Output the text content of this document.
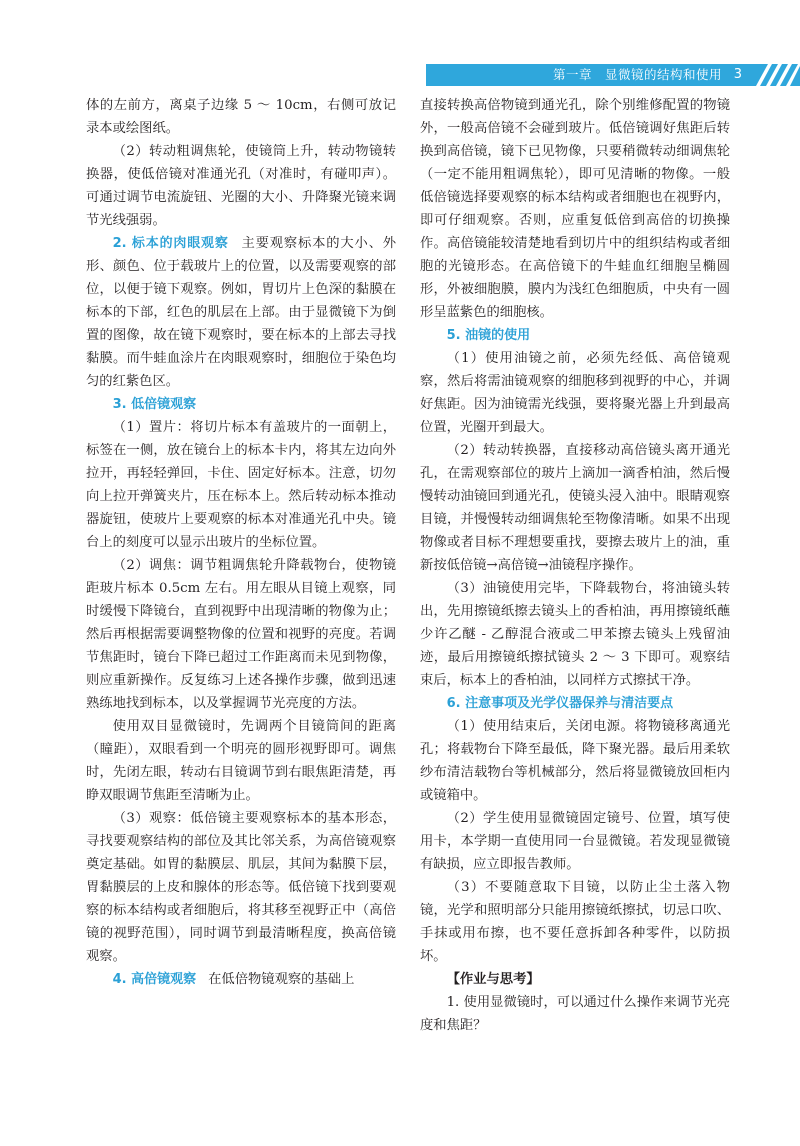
第一章　显微镜的结构和使用 3

体的左前方，离桌子边缘 5 ～ 10cm，右侧可放记录本或绘图纸。

（2）转动粗调焦轮，使镜筒上升，转动物镜转换器，使低倍镜对准通光孔（对准时，有碰叩声）。可通过调节电流旋钮、光圈的大小、升降聚光镜来调节光线强弱。

2. 标本的肉眼观察 主要观察标本的大小、外形、颜色、位于载玻片上的位置，以及需要观察的部位，以便于镜下观察。例如，胃切片上色深的黏膜在标本的下部，红色的肌层在上部。由于显微镜下为倒置的图像，故在镜下观察时，要在标本的上部去寻找黏膜。而牛蛙血涂片在肉眼观察时，细胞位于染色均匀的红紫色区。

3. 低倍镜观察

（1）置片：将切片标本有盖玻片的一面朝上，标签在一侧，放在镜台上的标本卡内，将其左边向外拉开，再轻轻弹回，卡住、固定好标本。注意，切勿向上拉开弹簧夹片，压在标本上。然后转动标本推动器旋钮，使玻片上要观察的标本对准通光孔中央。镜台上的刻度可以显示出玻片的坐标位置。

（2）调焦：调节粗调焦轮升降载物台，使物镜距玻片标本 0.5cm 左右。用左眼从目镜上观察，同时缓慢下降镜台，直到视野中出现清晰的物像为止；然后再根据需要调整物像的位置和视野的亮度。若调节焦距时，镜台下降已超过工作距离而未见到物像，则应重新操作。反复练习上述各操作步骤，做到迅速熟练地找到标本，以及掌握调节光亮度的方法。

使用双目显微镜时，先调两个目镜筒间的距离（瞳距），双眼看到一个明亮的圆形视野即可。调焦时，先闭左眼，转动右目镜调节到右眼焦距清楚，再睁双眼调节焦距至清晰为止。

（3）观察：低倍镜主要观察标本的基本形态，寻找要观察结构的部位及其比邻关系，为高倍镜观察奠定基础。如胃的黏膜层、肌层，其间为黏膜下层，胃黏膜层的上皮和腺体的形态等。低倍镜下找到要观察的标本结构或者细胞后，将其移至视野正中（高倍镜的视野范围），同时调节到最清晰程度，换高倍镜观察。

4. 高倍镜观察 在低倍物镜观察的基础上

直接转换高倍物镜到通光孔，除个别维修配置的物镜外，一般高倍镜不会碰到玻片。低倍镜调好焦距后转换到高倍镜，镜下已见物像，只要稍微转动细调焦轮（一定不能用粗调焦轮），即可见清晰的物像。一般低倍镜选择要观察的标本结构或者细胞也在视野内，即可仔细观察。否则，应重复低倍到高倍的切换操作。高倍镜能较清楚地看到切片中的组织结构或者细胞的光镜形态。在高倍镜下的牛蛙血红细胞呈椭圆形，外被细胞膜，膜内为浅红色细胞质，中央有一圆形呈蓝紫色的细胞核。

5. 油镜的使用

（1）使用油镜之前，必须先经低、高倍镜观察，然后将需油镜观察的细胞移到视野的中心，并调好焦距。因为油镜需光线强，要将聚光器上升到最高位置，光圈开到最大。

（2）转动转换器，直接移动高倍镜头离开通光孔，在需观察部位的玻片上滴加一滴香柏油，然后慢慢转动油镜回到通光孔，使镜头浸入油中。眼睛观察目镜，并慢慢转动细调焦轮至物像清晰。如果不出现物像或者目标不理想要重找，要擦去玻片上的油，重新按低倍镜→高倍镜→油镜程序操作。

（3）油镜使用完毕，下降载物台，将油镜头转出，先用擦镜纸擦去镜头上的香柏油，再用擦镜纸蘸少许乙醚 - 乙醇混合液或二甲苯擦去镜头上残留油迹，最后用擦镜纸擦拭镜头 2 ～ 3 下即可。观察结束后，标本上的香柏油，以同样方式擦拭干净。

6. 注意事项及光学仪器保养与清洁要点

（1）使用结束后，关闭电源。将物镜移离通光孔；将载物台下降至最低，降下聚光器。最后用柔软纱布清洁载物台等机械部分，然后将显微镜放回柜内或镜箱中。

（2）学生使用显微镜固定镜号、位置，填写使用卡，本学期一直使用同一台显微镜。若发现显微镜有缺损，应立即报告教师。

（3）不要随意取下目镜，以防止尘土落入物镜，光学和照明部分只能用擦镜纸擦拭，切忌口吹、手抹或用布擦，也不要任意拆卸各种零件，以防损坏。

【作业与思考】

1. 使用显微镜时，可以通过什么操作来调节光亮度和焦距？
